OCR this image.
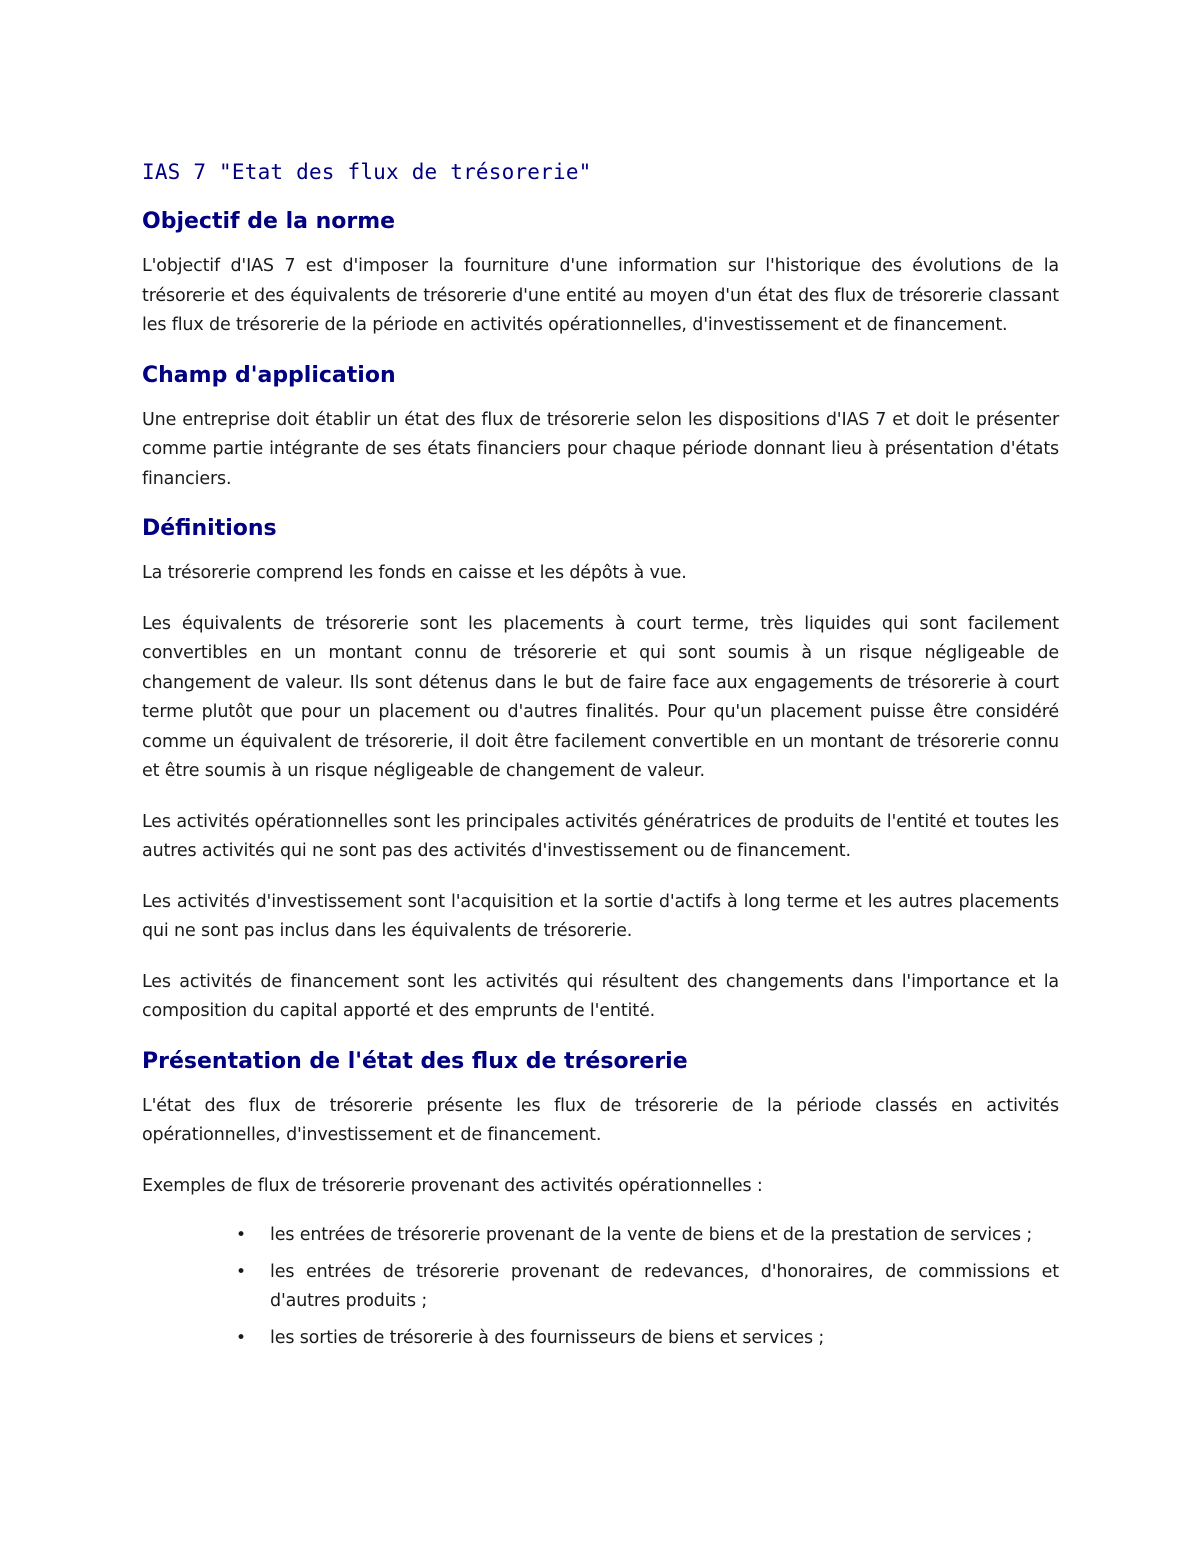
IAS 7 "Etat des flux de trésorerie"
Objectif de la norme

L'objectif d'IAS 7 est d'imposer la fourniture d'une information sur l'historique des évolutions de la trésorerie et des équivalents de trésorerie d'une entité au moyen d'un état des flux de trésorerie classant les flux de trésorerie de la période en activités opérationnelles, d'investissement et de financement.

Champ d'application

Une entreprise doit établir un état des flux de trésorerie selon les dispositions d'IAS 7 et doit le présenter comme partie intégrante de ses états financiers pour chaque période donnant lieu à présentation d'états financiers.

Définitions

La trésorerie comprend les fonds en caisse et les dépôts à vue.

Les équivalents de trésorerie sont les placements à court terme, très liquides qui sont facilement convertibles en un montant connu de trésorerie et qui sont soumis à un risque négligeable de changement de valeur. Ils sont détenus dans le but de faire face aux engagements de trésorerie à court terme plutôt que pour un placement ou d'autres finalités. Pour qu'un placement puisse être considéré comme un équivalent de trésorerie, il doit être facilement convertible en un montant de trésorerie connu et être soumis à un risque négligeable de changement de valeur.

Les activités opérationnelles sont les principales activités génératrices de produits de l'entité et toutes les autres activités qui ne sont pas des activités d'investissement ou de financement.

Les activités d'investissement sont l'acquisition et la sortie d'actifs à long terme et les autres placements qui ne sont pas inclus dans les équivalents de trésorerie.

Les activités de financement sont les activités qui résultent des changements dans l'importance et la composition du capital apporté et des emprunts de l'entité.

Présentation de l'état des flux de trésorerie

L'état des flux de trésorerie présente les flux de trésorerie de la période classés en activités opérationnelles, d'investissement et de financement.

Exemples de flux de trésorerie provenant des activités opérationnelles :

• les entrées de trésorerie provenant de la vente de biens et de la prestation de services ;
• les entrées de trésorerie provenant de redevances, d'honoraires, de commissions et d'autres produits ;
• les sorties de trésorerie à des fournisseurs de biens et services ;
